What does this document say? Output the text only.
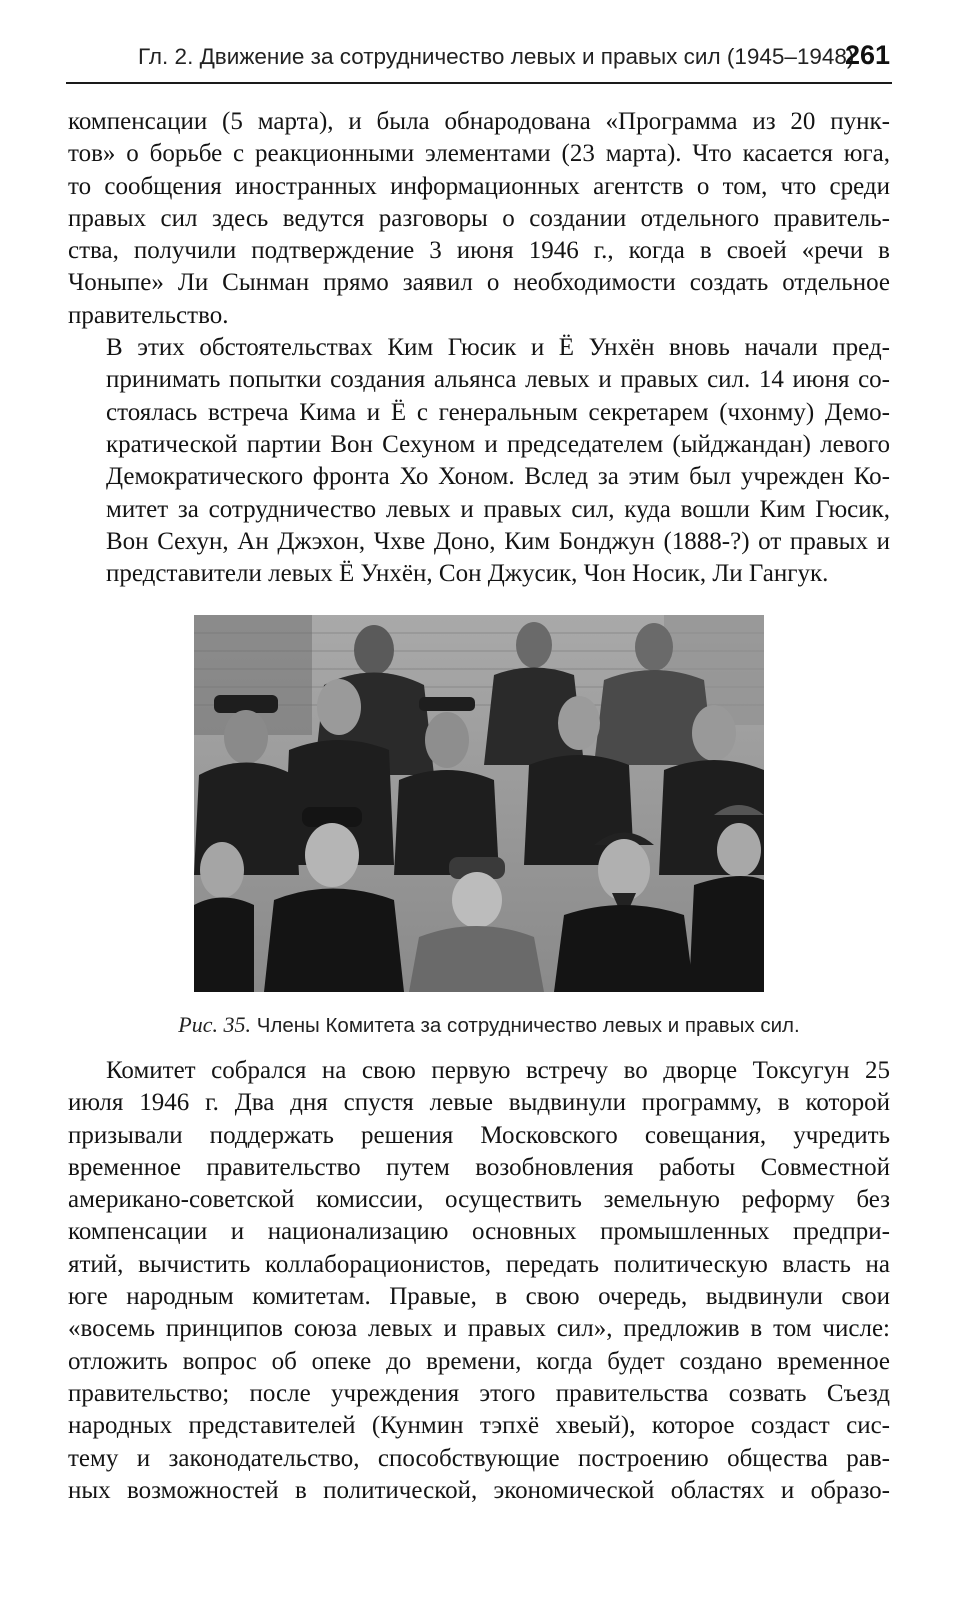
Гл. 2. Движение за сотрудничество левых и правых сил (1945–1948)
261

компенсации (5 марта), и была обнародована «Программа из 20 пунк-
тов» о борьбе с реакционными элементами (23 марта). Что касается юга,
то сообщения иностранных информационных агентств о том, что среди
правых сил здесь ведутся разговоры о создании отдельного правитель-
ства, получили подтверждение 3 июня 1946 г., когда в своей «речи в
Чоныпе» Ли Сынман прямо заявил о необходимости создать отдельное
правительство.

В этих обстоятельствах Ким Гюсик и Ё Унхён вновь начали пред-
принимать попытки создания альянса левых и правых сил. 14 июня со-
стоялась встреча Кима и Ё с генеральным секретарем (чхонму) Демо-
кратической партии Вон Сехуном и председателем (ыйджандан) левого
Демократического фронта Хо Хоном. Вслед за этим был учрежден Ко-
митет за сотрудничество левых и правых сил, куда вошли Ким Гюсик,
Вон Сехун, Ан Джэхон, Чхве Доно, Ким Бонджун (1888-?) от правых и
представители левых Ё Унхён, Сон Джусик, Чон Носик, Ли Гангук.

Рис. 35. Члены Комитета за сотрудничество левых и правых сил.

Комитет собрался на свою первую встречу во дворце Токсугун 25
июля 1946 г. Два дня спустя левые выдвинули программу, в которой
призывали поддержать решения Московского совещания, учредить
временное правительство путем возобновления работы Совместной
американо-советской комиссии, осуществить земельную реформу без
компенсации и национализацию основных промышленных предпри-
ятий, вычистить коллаборационистов, передать политическую власть на
юге народным комитетам. Правые, в свою очередь, выдвинули свои
«восемь принципов союза левых и правых сил», предложив в том числе:
отложить вопрос об опеке до времени, когда будет создано временное
правительство; после учреждения этого правительства созвать Съезд
народных представителей (Кунмин тэпхё хвеый), которое создаст сис-
тему и законодательство, способствующие построению общества рав-
ных возможностей в политической, экономической областях и образо-
